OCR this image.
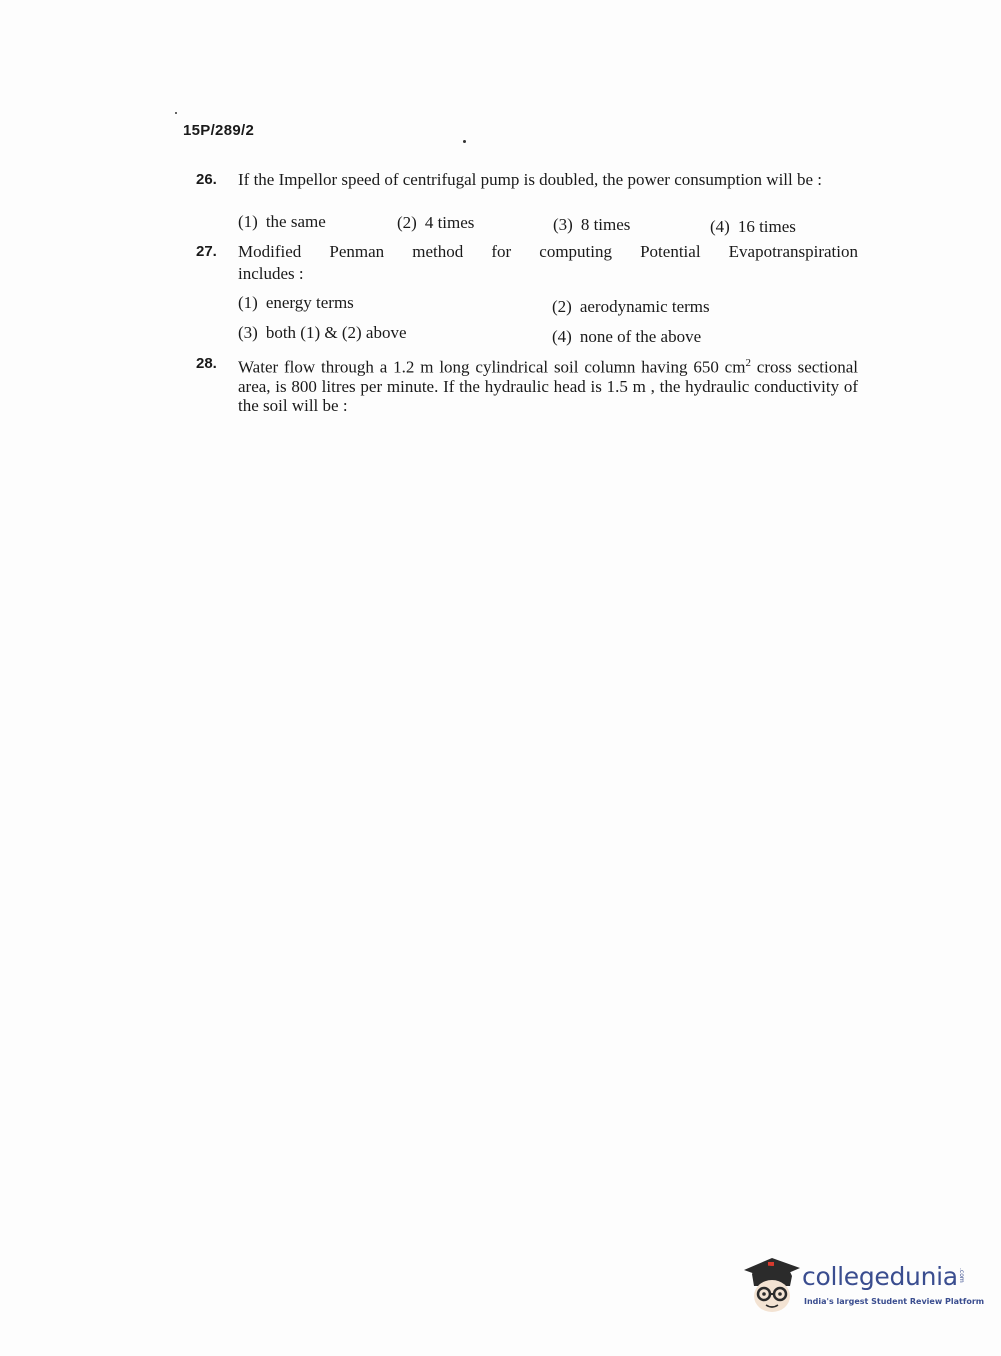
15P/289/2
26. If the Impellor speed of centrifugal pump is doubled, the power consumption will be :
(1) the same	(2) 4 times	(3) 8 times	(4) 16 times
27. Modified Penman method for computing Potential Evapotranspiration
includes :
(1) energy terms	(2) aerodynamic terms
(3) both (1) & (2) above	(4) none of the above
28. Water flow through a 1.2 m long cylindrical soil column having 650 $cm^2$ cross sectional area, is 800 litres per minute. If the hydraulic head is 1.5 m , the hydraulic conductivity of the soil will be :
collegedunia .com
India's largest Student Review Platform
